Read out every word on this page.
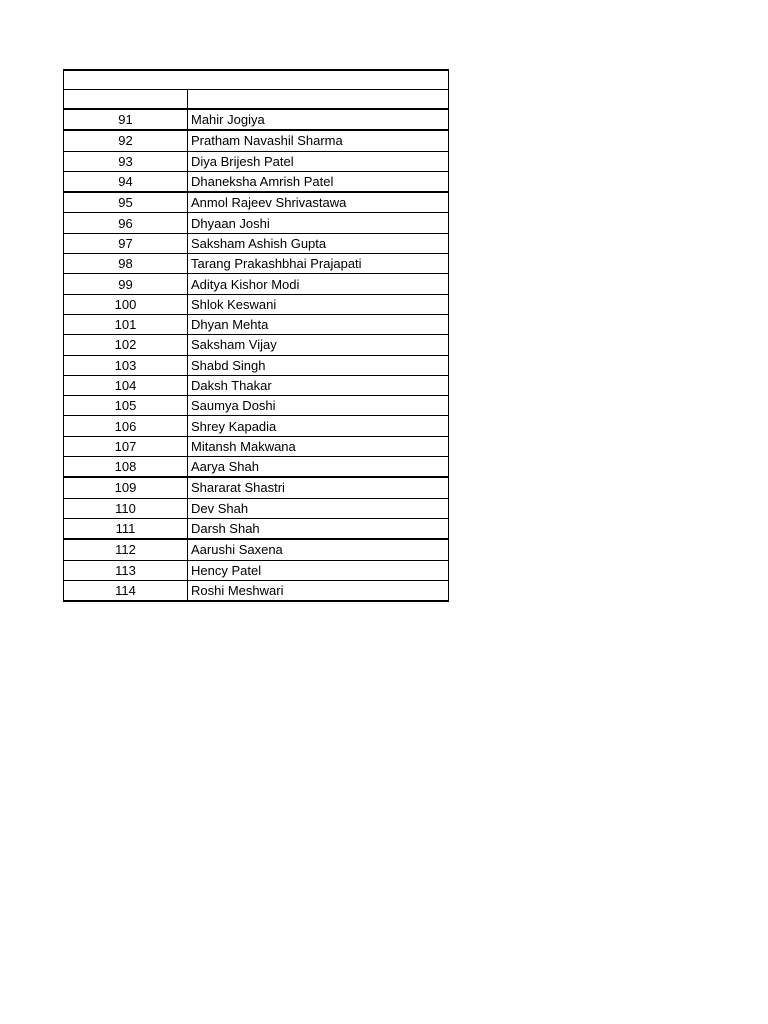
91	Mahir Jogiya
92	Pratham Navashil Sharma
93	Diya Brijesh Patel
94	Dhaneksha Amrish Patel
95	Anmol Rajeev Shrivastawa
96	Dhyaan Joshi
97	Saksham Ashish Gupta
98	Tarang Prakashbhai Prajapati
99	Aditya Kishor Modi
100	Shlok Keswani
101	Dhyan Mehta
102	Saksham Vijay
103	Shabd Singh
104	Daksh Thakar
105	Saumya Doshi
106	Shrey Kapadia
107	Mitansh Makwana
108	Aarya Shah
109	Shararat Shastri
110	Dev Shah
111	Darsh Shah
112	Aarushi Saxena
113	Hency Patel
114	Roshi Meshwari
